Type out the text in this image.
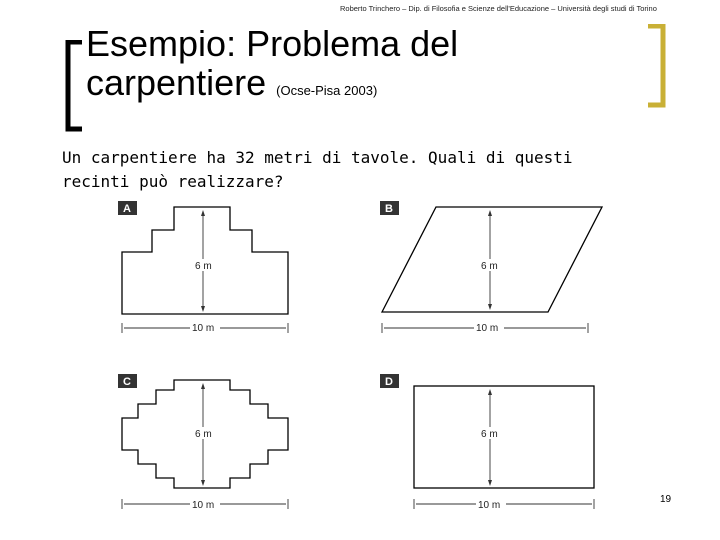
Roberto Trinchero – Dip. di Filosofia e Scienze dell'Educazione – Università degli studi di Torino
Esempio: Problema del
carpentiere (Ocse-Pisa 2003)
Un carpentiere ha 32 metri di tavole. Quali di questi
recinti può realizzare?
A
6 m
10 m
B
6 m
10 m
C
6 m
10 m
D
6 m
10 m
19
